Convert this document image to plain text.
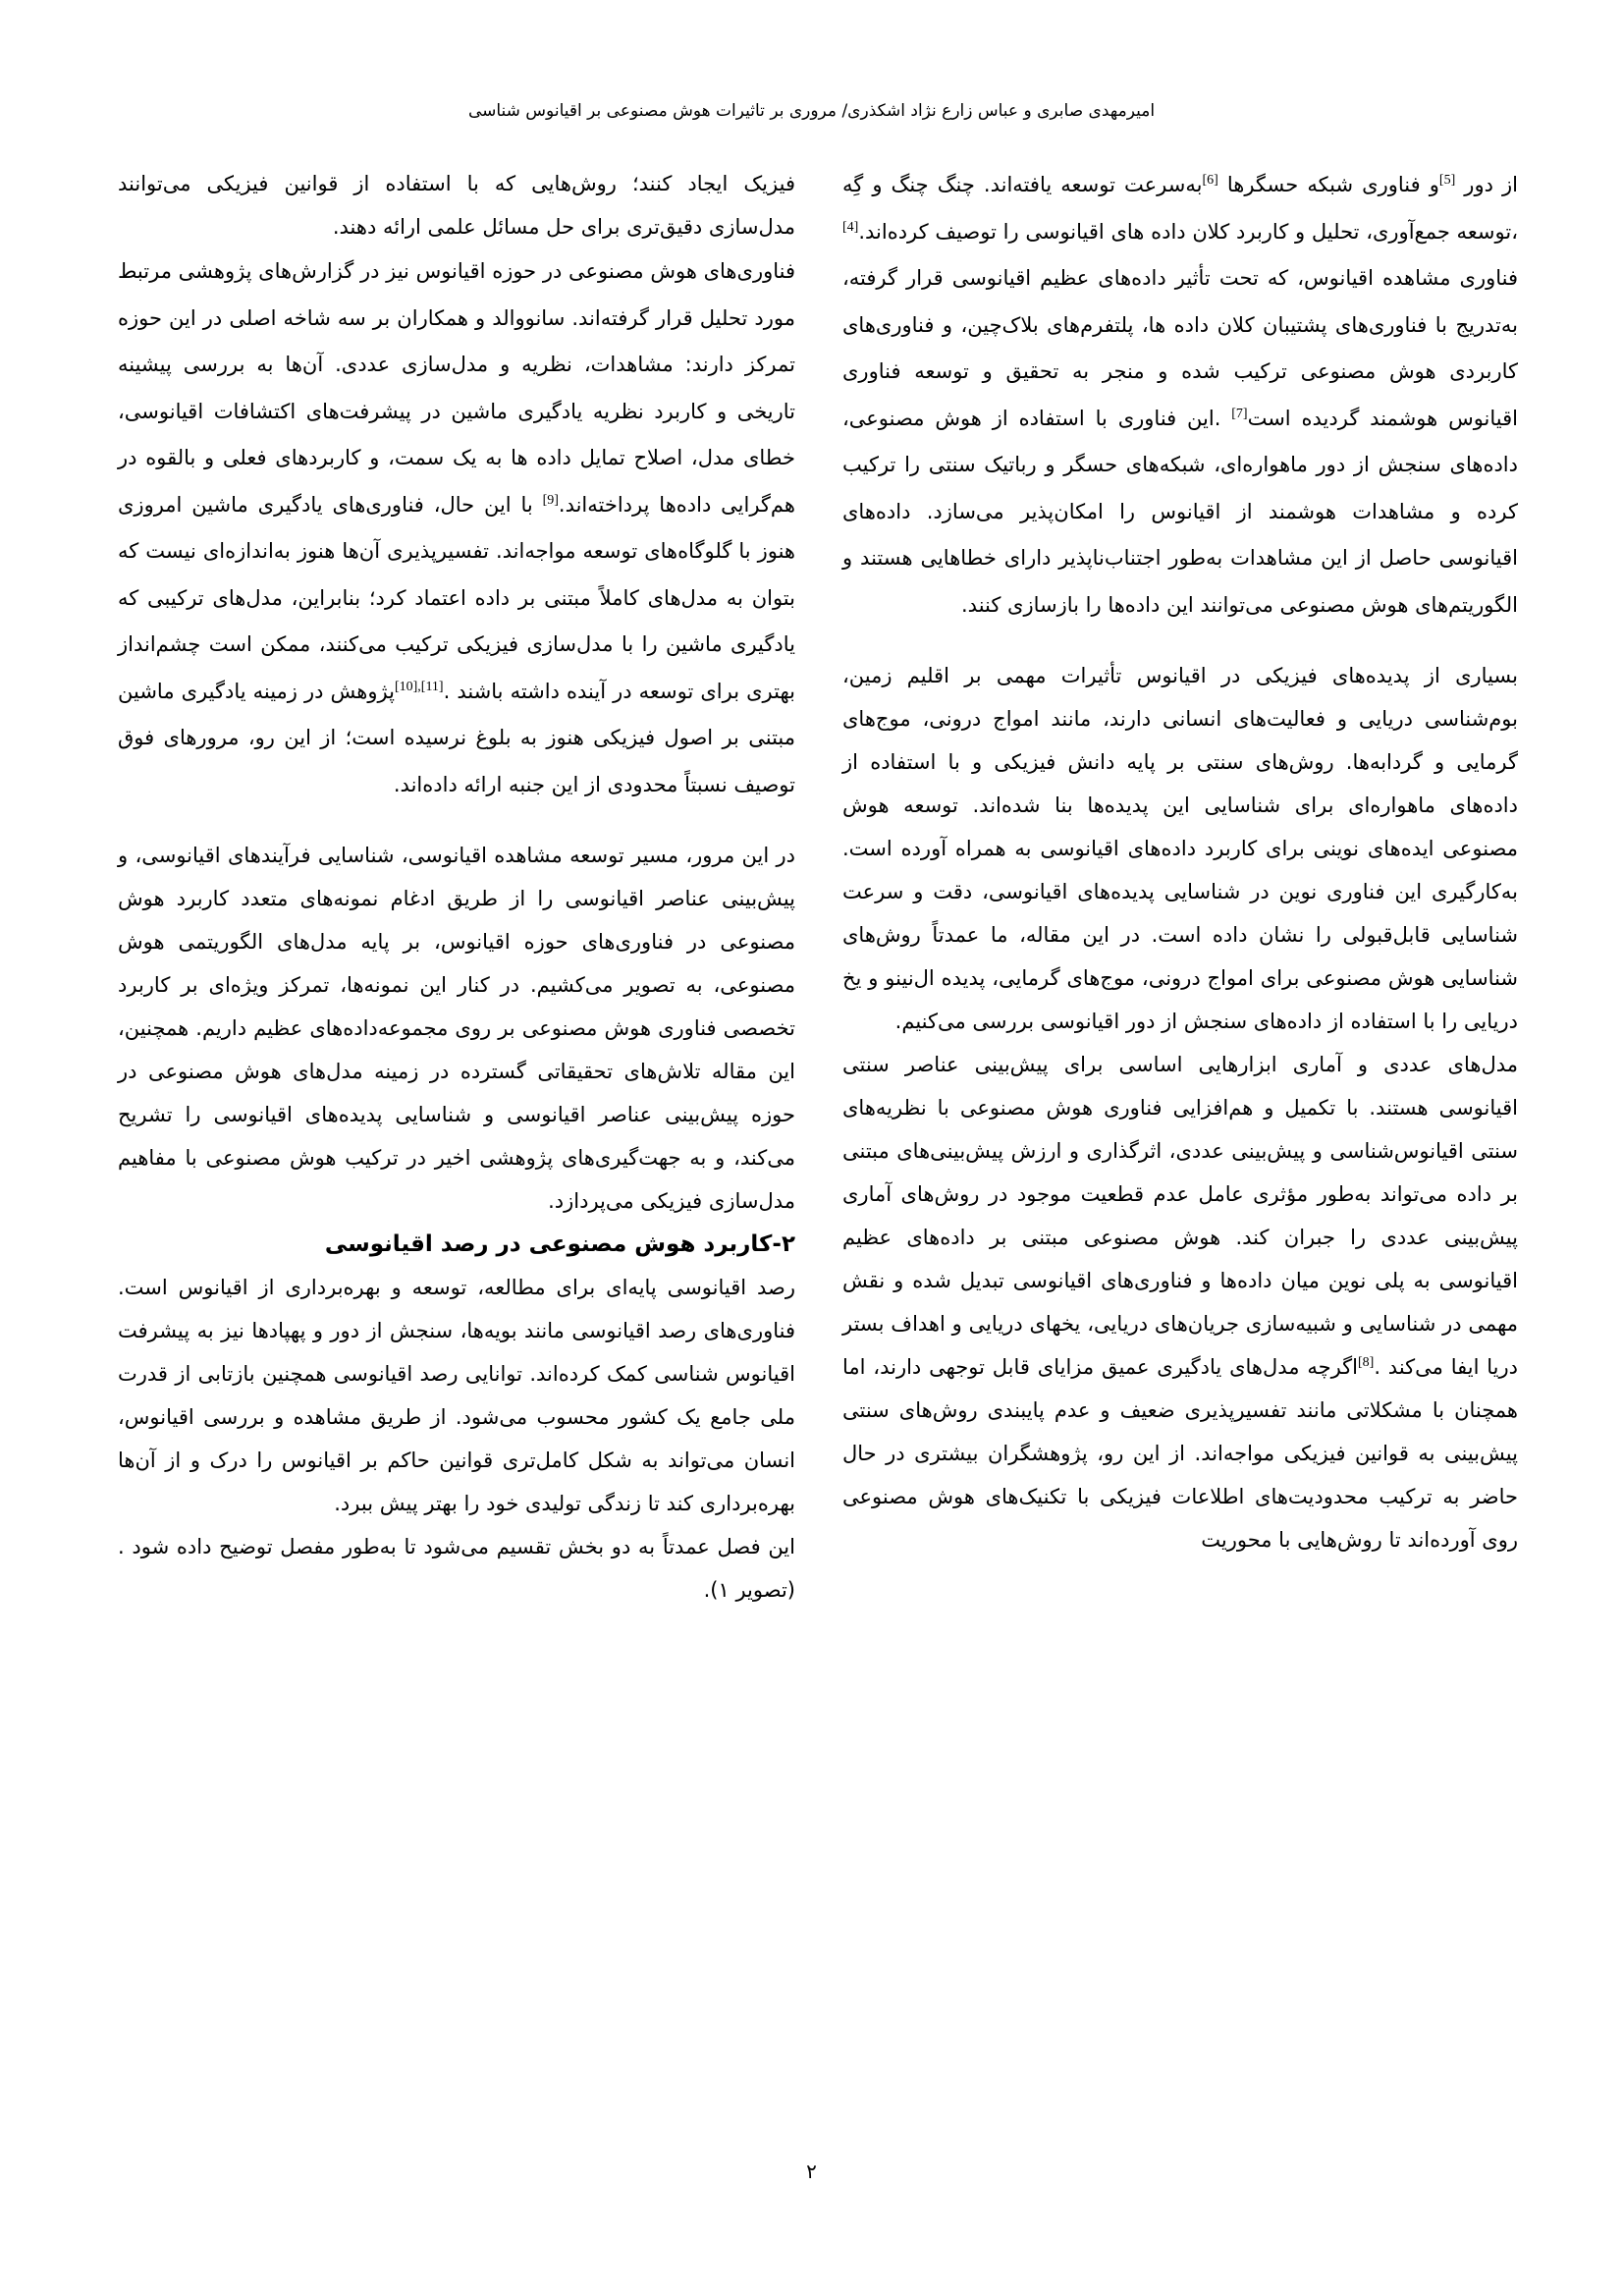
امیرمهدی صابری و عباس زارع نژاد اشکذری/ مروری بر تاثیرات هوش مصنوعی بر اقیانوس شناسی

از دور [5]و فناوری شبکه حسگرها [6]به‌سرعت توسعه یافته‌اند. چنگ چنگ و گِه ،توسعه جمع‌آوری، تحلیل و کاربرد کلان داده های اقیانوسی را توصیف کرده‌اند.[4] فناوری مشاهده اقیانوس، که تحت تأثیر داده‌های عظیم اقیانوسی قرار گرفته، به‌تدریج با فناوری‌های پشتیبان کلان داده ها، پلتفرم‌های بلاک‌چین، و فناوری‌های کاربردی هوش مصنوعی ترکیب شده و منجر به تحقیق و توسعه فناوری اقیانوس هوشمند گردیده است[7] .این فناوری با استفاده از هوش مصنوعی، داده‌های سنجش از دور ماهواره‌ای، شبکه‌های حسگر و رباتیک سنتی را ترکیب کرده و مشاهدات هوشمند از اقیانوس را امکان‌پذیر می‌سازد. داده‌های اقیانوسی حاصل از این مشاهدات به‌طور اجتناب‌ناپذیر دارای خطاهایی هستند و الگوریتم‌های هوش مصنوعی می‌توانند این داده‌ها را بازسازی کنند.

بسیاری از پدیده‌های فیزیکی در اقیانوس تأثیرات مهمی بر اقلیم زمین، بوم‌شناسی دریایی و فعالیت‌های انسانی دارند، مانند امواج درونی، موج‌های گرمایی و گردابه‌ها. روش‌های سنتی بر پایه دانش فیزیکی و با استفاده از داده‌های ماهواره‌ای برای شناسایی این پدیده‌ها بنا شده‌اند. توسعه هوش مصنوعی ایده‌های نوینی برای کاربرد داده‌های اقیانوسی به همراه آورده است. به‌کارگیری این فناوری نوین در شناسایی پدیده‌های اقیانوسی، دقت و سرعت شناسایی قابل‌قبولی را نشان داده است. در این مقاله، ما عمدتاً روش‌های شناسایی هوش مصنوعی برای امواج درونی، موج‌های گرمایی، پدیده ال‌نینو و یخ دریایی را با استفاده از داده‌های سنجش از دور اقیانوسی بررسی می‌کنیم.

مدل‌های عددی و آماری ابزارهایی اساسی برای پیش‌بینی عناصر سنتی اقیانوسی هستند. با تکمیل و هم‌افزایی فناوری هوش مصنوعی با نظریه‌های سنتی اقیانوس‌شناسی و پیش‌بینی عددی، اثرگذاری و ارزش پیش‌بینی‌های مبتنی بر داده می‌تواند به‌طور مؤثری عامل عدم قطعیت موجود در روش‌های آماری پیش‌بینی عددی را جبران کند. هوش مصنوعی مبتنی بر داده‌های عظیم اقیانوسی به پلی نوین میان داده‌ها و فناوری‌های اقیانوسی تبدیل شده و نقش مهمی در شناسایی و شبیه‌سازی جریان‌های دریایی، یخهای دریایی و اهداف بستر دریا ایفا می‌کند .[8]اگرچه مدل‌های یادگیری عمیق مزایای قابل توجهی دارند، اما همچنان با مشکلاتی مانند تفسیرپذیری ضعیف و عدم پایبندی روش‌های سنتی پیش‌بینی به قوانین فیزیکی مواجه‌اند. از این رو، پژوهشگران بیشتری در حال حاضر به ترکیب محدودیت‌های اطلاعات فیزیکی با تکنیک‌های هوش مصنوعی روی آورده‌اند تا روش‌هایی با محوریت

فیزیک ایجاد کنند؛ روش‌هایی که با استفاده از قوانین فیزیکی می‌توانند مدل‌سازی دقیق‌تری برای حل مسائل علمی ارائه دهند.

فناوری‌های هوش مصنوعی در حوزه اقیانوس نیز در گزارش‌های پژوهشی مرتبط مورد تحلیل قرار گرفته‌اند. سانووالد و همکاران بر سه شاخه اصلی در این حوزه تمرکز دارند: مشاهدات، نظریه و مدل‌سازی عددی. آن‌ها به بررسی پیشینه تاریخی و کاربرد نظریه یادگیری ماشین در پیشرفت‌های اکتشافات اقیانوسی، خطای مدل، اصلاح تمایل داده ها به یک سمت، و کاربردهای فعلی و بالقوه در هم‌گرایی داده‌ها پرداخته‌اند.[9] با این حال، فناوری‌های یادگیری ماشین امروزی هنوز با گلوگاه‌های توسعه مواجه‌اند. تفسیرپذیری آن‌ها هنوز به‌اندازه‌ای نیست که بتوان به مدل‌های کاملاً مبتنی بر داده اعتماد کرد؛ بنابراین، مدل‌های ترکیبی که یادگیری ماشین را با مدل‌سازی فیزیکی ترکیب می‌کنند، ممکن است چشم‌انداز بهتری برای توسعه در آینده داشته باشند .[10],[11]پژوهش در زمینه یادگیری ماشین مبتنی بر اصول فیزیکی هنوز به بلوغ نرسیده است؛ از این رو، مرورهای فوق توصیف نسبتاً محدودی از این جنبه ارائه داده‌اند.

در این مرور، مسیر توسعه مشاهده اقیانوسی، شناسایی فرآیندهای اقیانوسی، و پیش‌بینی عناصر اقیانوسی را از طریق ادغام نمونه‌های متعدد کاربرد هوش مصنوعی در فناوری‌های حوزه اقیانوس، بر پایه مدل‌های الگوریتمی هوش مصنوعی، به تصویر می‌کشیم. در کنار این نمونه‌ها، تمرکز ویژه‌ای بر کاربرد تخصصی فناوری هوش مصنوعی بر روی مجموعه‌داده‌های عظیم داریم. همچنین، این مقاله تلاش‌های تحقیقاتی گسترده در زمینه مدل‌های هوش مصنوعی در حوزه پیش‌بینی عناصر اقیانوسی و شناسایی پدیده‌های اقیانوسی را تشریح می‌کند، و به جهت‌گیری‌های پژوهشی اخیر در ترکیب هوش مصنوعی با مفاهیم مدل‌سازی فیزیکی می‌پردازد.

۲-کاربرد هوش مصنوعی در رصد اقیانوسی

رصد اقیانوسی پایه‌ای برای مطالعه، توسعه و بهره‌برداری از اقیانوس است. فناوری‌های رصد اقیانوسی مانند بویه‌ها، سنجش از دور و پهپادها نیز به پیشرفت اقیانوس شناسی کمک کرده‌اند. توانایی رصد اقیانوسی همچنین بازتابی از قدرت ملی جامع یک کشور محسوب می‌شود. از طریق مشاهده و بررسی اقیانوس، انسان می‌تواند به شکل کامل‌تری قوانین حاکم بر اقیانوس را درک و از آن‌ها بهره‌برداری کند تا زندگی تولیدی خود را بهتر پیش ببرد.

این فصل عمدتاً به دو بخش تقسیم می‌شود تا به‌طور مفصل توضیح داده شود .(تصویر ۱).

۲
